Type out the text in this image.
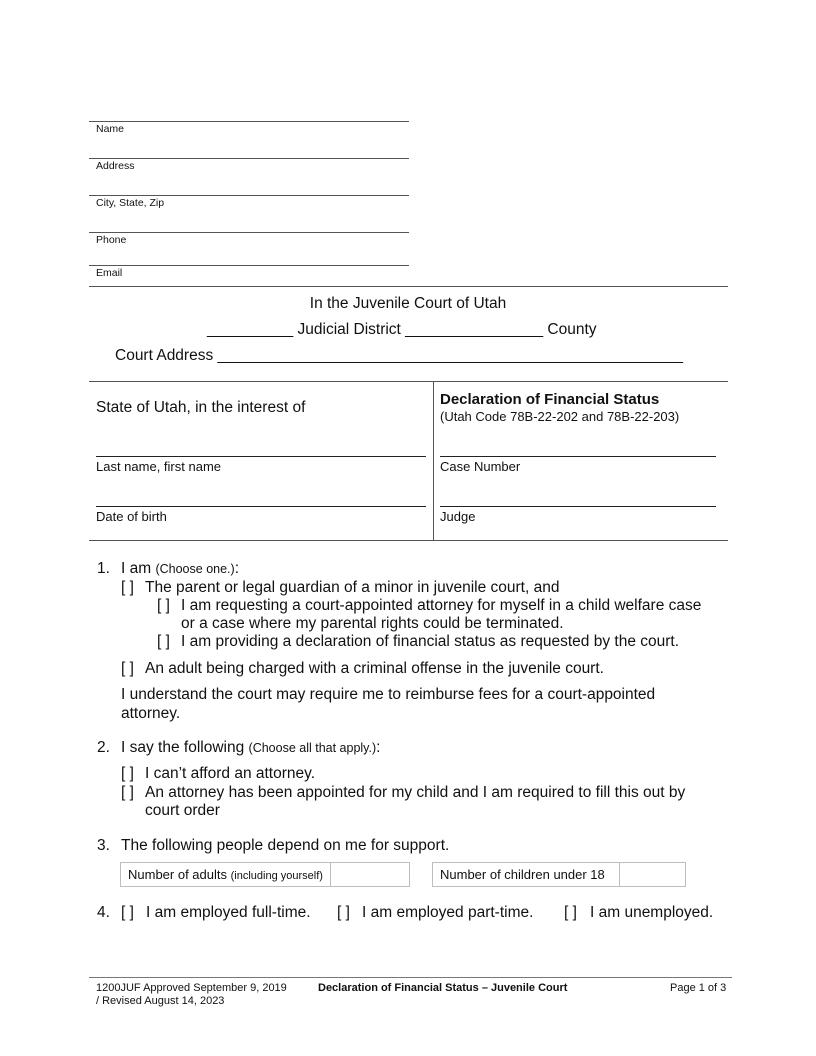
Name
Address
City, State, Zip
Phone
Email
In the Juvenile Court of Utah
__________ Judicial District ________________ County
Court Address ______________________________________________________
State of Utah, in the interest of
Last name, first name
Date of birth
Declaration of Financial Status
(Utah Code 78B-22-202 and 78B-22-203)
Case Number
Judge
1. I am (Choose one.):
[ ] The parent or legal guardian of a minor in juvenile court, and
[ ] I am requesting a court-appointed attorney for myself in a child welfare case
or a case where my parental rights could be terminated.
[ ] I am providing a declaration of financial status as requested by the court.
[ ] An adult being charged with a criminal offense in the juvenile court.
I understand the court may require me to reimburse fees for a court-appointed
attorney.
2. I say the following (Choose all that apply.):
[ ] I can’t afford an attorney.
[ ] An attorney has been appointed for my child and I am required to fill this out by
court order
3. The following people depend on me for support.
Number of adults (including yourself)	Number of children under 18
4. [ ] I am employed full-time. [ ] I am employed part-time. [ ] I am unemployed.
1200JUF Approved September 9, 2019
/ Revised August 14, 2023
Declaration of Financial Status – Juvenile Court	Page 1 of 3
